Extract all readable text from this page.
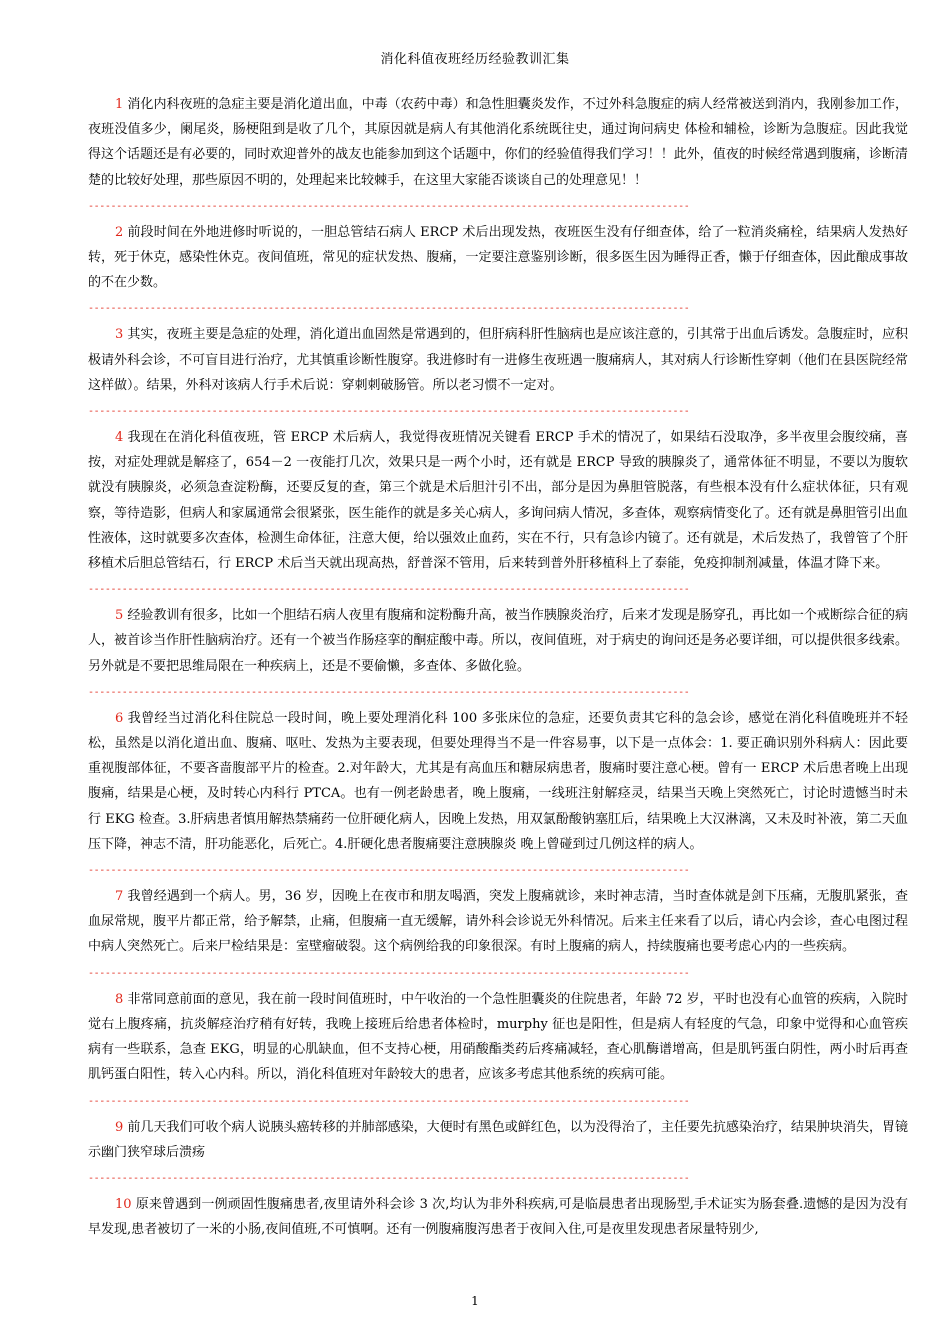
消化科值夜班经历经验教训汇集

1 消化内科夜班的急症主要是消化道出血，中毒（农药中毒）和急性胆囊炎发作，不过外科急腹症的病人经常被送到消内，我刚参加工作，夜班没值多少，阑尾炎，肠梗阻到是收了几个，其原因就是病人有其他消化系统既往史，通过询问病史 体检和辅检，诊断为急腹症。因此我觉得这个话题还是有必要的，同时欢迎普外的战友也能参加到这个话题中，你们的经验值得我们学习！！此外，值夜的时候经常遇到腹痛，诊断清楚的比较好处理，那些原因不明的，处理起来比较棘手，在这里大家能否谈谈自己的处理意见！！

-----------------------------------------------------------------------------------------------------------

2 前段时间在外地进修时听说的，一胆总管结石病人 ERCP 术后出现发热，夜班医生没有仔细查体，给了一粒消炎痛栓，结果病人发热好转，死于休克，感染性休克。夜间值班，常见的症状发热、腹痛，一定要注意鉴别诊断，很多医生因为睡得正香，懒于仔细查体，因此酿成事故的不在少数。

-----------------------------------------------------------------------------------------------------------

3 其实，夜班主要是急症的处理，消化道出血固然是常遇到的，但肝病科肝性脑病也是应该注意的，引其常于出血后诱发。急腹症时，应积极请外科会诊，不可盲目进行治疗，尤其慎重诊断性腹穿。我进修时有一进修生夜班遇一腹痛病人，其对病人行诊断性穿刺（他们在县医院经常这样做）。结果，外科对该病人行手术后说：穿刺刺破肠管。所以老习惯不一定对。

-----------------------------------------------------------------------------------------------------------

4 我现在在消化科值夜班，管 ERCP 术后病人，我觉得夜班情况关键看 ERCP 手术的情况了，如果结石没取净，多半夜里会腹绞痛，喜按，对症处理就是解痉了，654－2 一夜能打几次，效果只是一两个小时，还有就是 ERCP 导致的胰腺炎了，通常体征不明显，不要以为腹软就没有胰腺炎，必须急查淀粉酶，还要反复的查，第三个就是术后胆汁引不出，部分是因为鼻胆管脱落，有些根本没有什么症状体征，只有观察，等待造影，但病人和家属通常会很紧张，医生能作的就是多关心病人，多询问病人情况，多查体，观察病情变化了。还有就是鼻胆管引出血性液体，这时就要多次查体，检测生命体征，注意大便，给以强效止血药，实在不行，只有急诊内镜了。还有就是，术后发热了，我曾管了个肝移植术后胆总管结石，行 ERCP 术后当天就出现高热，舒普深不管用，后来转到普外肝移植科上了泰能，免疫抑制剂减量，体温才降下来。

-----------------------------------------------------------------------------------------------------------

5 经验教训有很多，比如一个胆结石病人夜里有腹痛和淀粉酶升高，被当作胰腺炎治疗，后来才发现是肠穿孔，再比如一个戒断综合征的病人，被首诊当作肝性脑病治疗。还有一个被当作肠痉挛的酮症酸中毒。所以，夜间值班，对于病史的询问还是务必要详细，可以提供很多线索。另外就是不要把思维局限在一种疾病上，还是不要偷懒，多查体、多做化验。

-----------------------------------------------------------------------------------------------------------

6 我曾经当过消化科住院总一段时间，晚上要处理消化科 100 多张床位的急症，还要负责其它科的急会诊，感觉在消化科值晚班并不轻松，虽然是以消化道出血、腹痛、呕吐、发热为主要表现，但要处理得当不是一件容易事，以下是一点体会：1. 要正确识别外科病人：因此要重视腹部体征，不要吝啬腹部平片的检查。2.对年龄大，尤其是有高血压和糖尿病患者，腹痛时要注意心梗。曾有一 ERCP 术后患者晚上出现腹痛，结果是心梗，及时转心内科行 PTCA。也有一例老龄患者，晚上腹痛，一线班注射解痉灵，结果当天晚上突然死亡，讨论时遗憾当时未行 EKG 检查。3.肝病患者慎用解热禁痛药一位肝硬化病人，因晚上发热，用双氯酚酸钠塞肛后，结果晚上大汉淋漓，又未及时补液，第二天血压下降，神志不清，肝功能恶化，后死亡。4.肝硬化患者腹痛要注意胰腺炎 晚上曾碰到过几例这样的病人。

-----------------------------------------------------------------------------------------------------------

7 我曾经遇到一个病人。男，36 岁，因晚上在夜市和朋友喝酒，突发上腹痛就诊，来时神志清，当时查体就是剑下压痛，无腹肌紧张，查血尿常规，腹平片都正常，给予解禁，止痛，但腹痛一直无缓解，请外科会诊说无外科情况。后来主任来看了以后，请心内会诊，查心电图过程中病人突然死亡。后来尸检结果是：室壁瘤破裂。这个病例给我的印象很深。有时上腹痛的病人，持续腹痛也要考虑心内的一些疾病。

-----------------------------------------------------------------------------------------------------------

8 非常同意前面的意见，我在前一段时间值班时，中午收治的一个急性胆囊炎的住院患者，年龄 72 岁，平时也没有心血管的疾病，入院时觉右上腹疼痛，抗炎解痉治疗稍有好转，我晚上接班后给患者体检时，murphy 征也是阳性，但是病人有轻度的气急，印象中觉得和心血管疾病有一些联系，急查 EKG，明显的心肌缺血，但不支持心梗，用硝酸酯类药后疼痛减轻，查心肌酶谱增高，但是肌钙蛋白阴性，两小时后再查肌钙蛋白阳性，转入心内科。所以，消化科值班对年龄较大的患者，应该多考虑其他系统的疾病可能。

-----------------------------------------------------------------------------------------------------------

9 前几天我们可收个病人说胰头癌转移的并肺部感染，大便时有黑色或鲜红色，以为没得治了，主任要先抗感染治疗，结果肿块消失，胃镜示幽门狭窄球后溃疡

-----------------------------------------------------------------------------------------------------------

10 原来曾遇到一例顽固性腹痛患者,夜里请外科会诊 3 次,均认为非外科疾病,可是临晨患者出现肠型,手术证实为肠套叠.遗憾的是因为没有早发现,患者被切了一米的小肠,夜间值班,不可慎啊。还有一例腹痛腹泻患者于夜间入住,可是夜里发现患者尿量特别少,

1
